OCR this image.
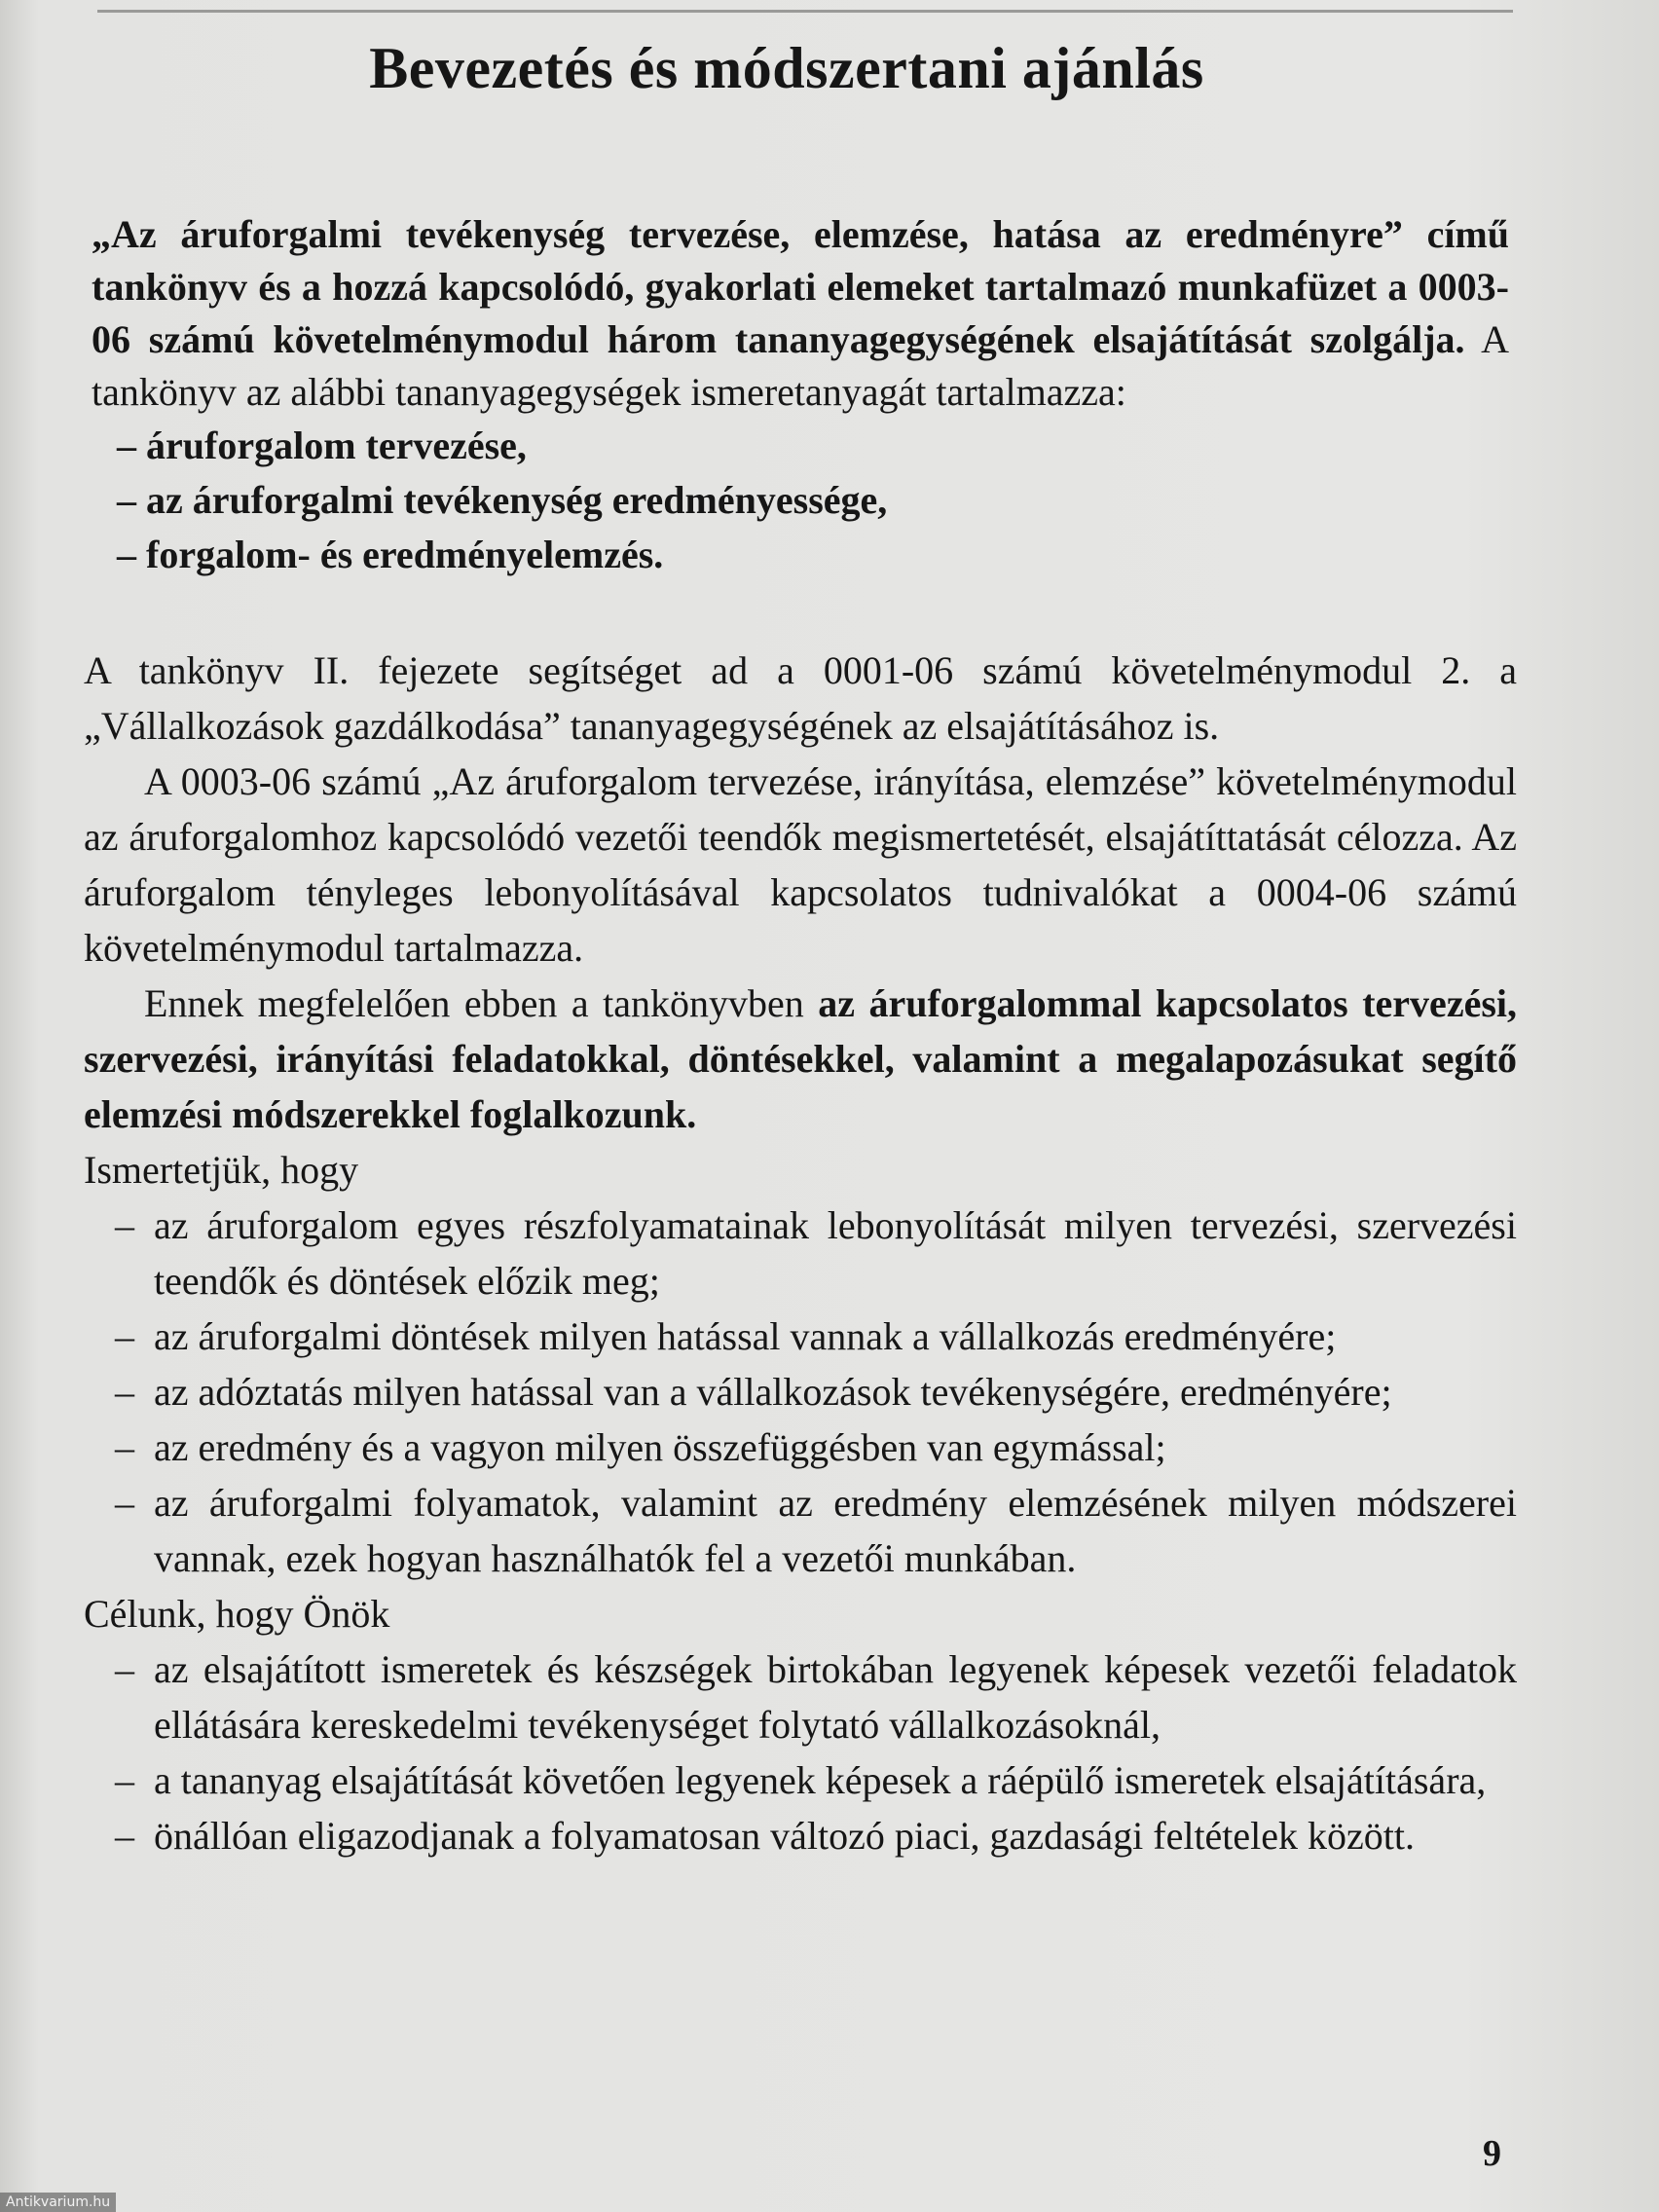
Bevezetés és módszertani ajánlás

„Az áruforgalmi tevékenység tervezése, elemzése, hatása az eredményre” című tankönyv és a hozzá kapcsolódó, gyakorlati elemeket tartalmazó munkafüzet a 0003-06 számú követelménymodul három tananyagegységének elsajátítását szolgálja. A tankönyv az alábbi tananyagegységek ismeretanyagát tartalmazza:

– áruforgalom tervezése,
– az áruforgalmi tevékenység eredményessége,
– forgalom- és eredményelemzés.

A tankönyv II. fejezete segítséget ad a 0001-06 számú követelménymodul 2. a „Vállalkozások gazdálkodása” tananyagegységének az elsajátításához is.

A 0003-06 számú „Az áruforgalom tervezése, irányítása, elemzése” követelménymodul az áruforgalomhoz kapcsolódó vezetői teendők megismertetését, elsajátíttatását célozza. Az áruforgalom tényleges lebonyolításával kapcsolatos tudnivalókat a 0004-06 számú követelménymodul tartalmazza.

Ennek megfelelően ebben a tankönyvben az áruforgalommal kapcsolatos tervezési, szervezési, irányítási feladatokkal, döntésekkel, valamint a megalapozásukat segítő elemzési módszerekkel foglalkozunk.

Ismertetjük, hogy

– az áruforgalom egyes részfolyamatainak lebonyolítását milyen tervezési, szervezési teendők és döntések előzik meg;
– az áruforgalmi döntések milyen hatással vannak a vállalkozás eredményére;
– az adóztatás milyen hatással van a vállalkozások tevékenységére, eredményére;
– az eredmény és a vagyon milyen összefüggésben van egymással;
– az áruforgalmi folyamatok, valamint az eredmény elemzésének milyen módszerei vannak, ezek hogyan használhatók fel a vezetői munkában.

Célunk, hogy Önök

– az elsajátított ismeretek és készségek birtokában legyenek képesek vezetői feladatok ellátására kereskedelmi tevékenységet folytató vállalkozásoknál,
– a tananyag elsajátítását követően legyenek képesek a ráépülő ismeretek elsajátítására,
– önállóan eligazodjanak a folyamatosan változó piaci, gazdasági feltételek között.
9
Antikvarium.hu
